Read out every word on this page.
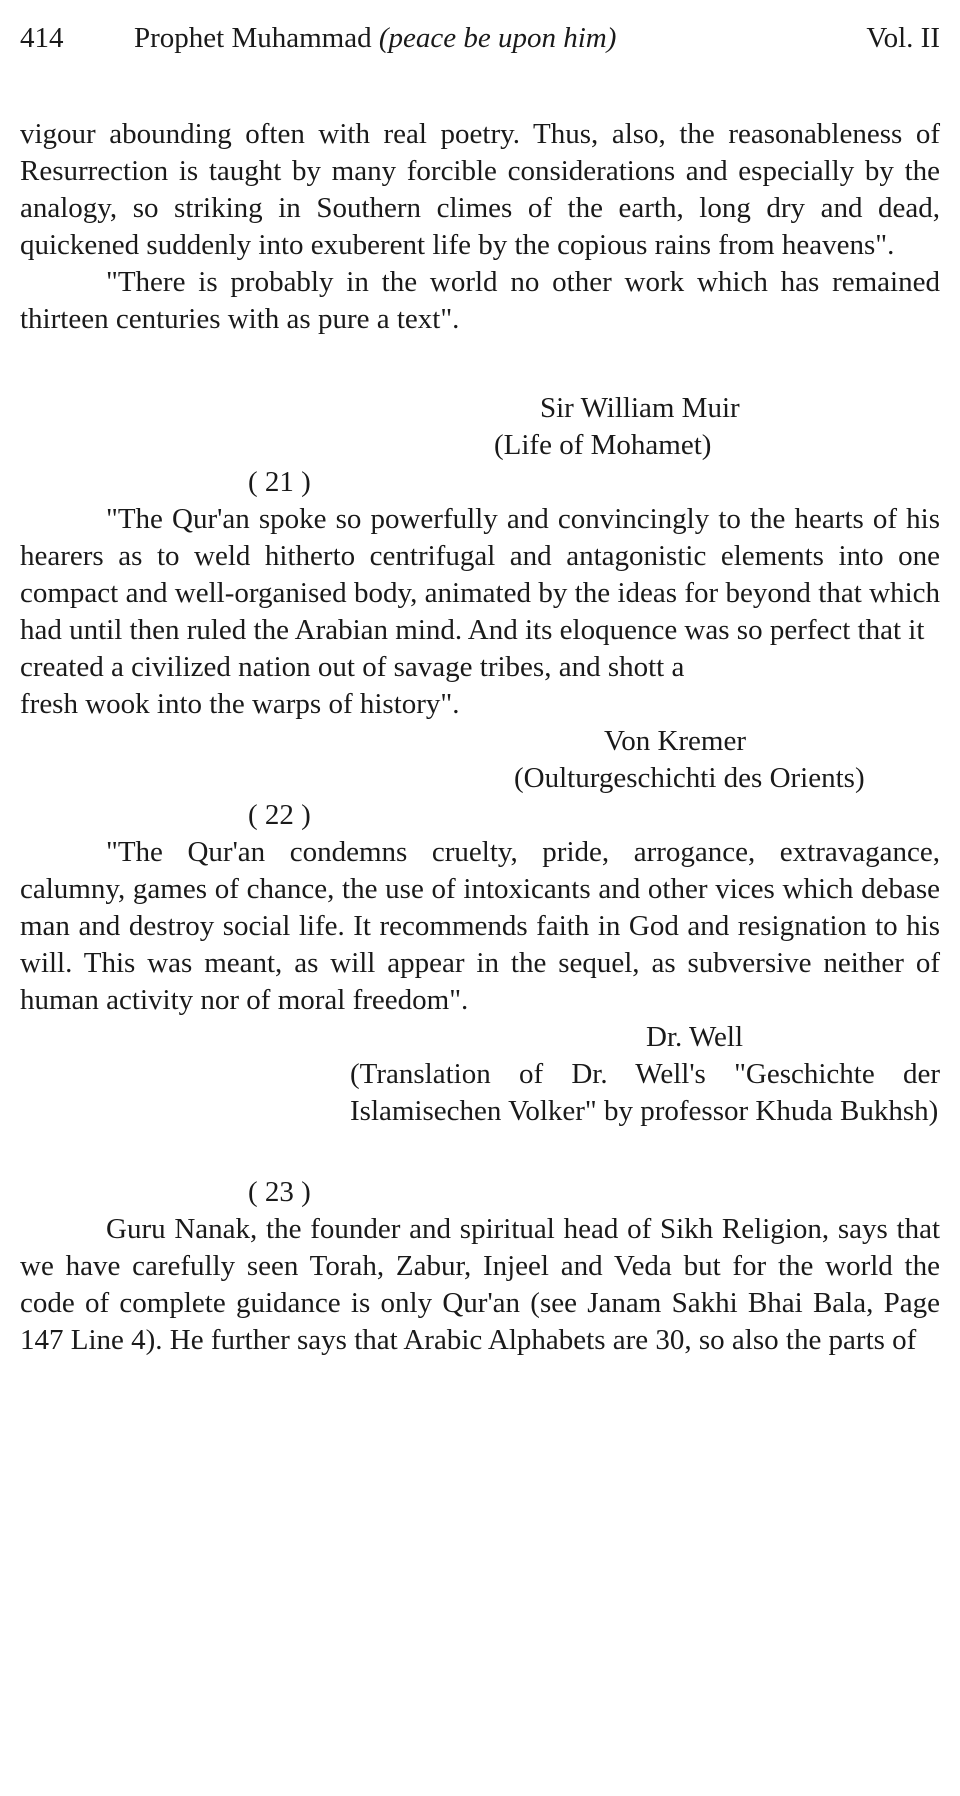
414 Prophet Muhammad (peace be upon him)	Vol. II

vigour abounding often with real poetry. Thus, also, the reasonableness of Resurrection is taught by many forcible considerations and especially by the analogy, so striking in Southern climes of the earth, long dry and dead, quickened suddenly into exuberent life by the copious rains from heavens".

"There is probably in the world no other work which has remained thirteen centuries with as pure a text".

Sir William Muir

(Life of Mohamet)

( 21 )

"The Qur'an spoke so powerfully and convincingly to the hearts of his hearers as to weld hitherto centrifugal and antagonistic elements into one compact and well-organised body, animated by the ideas for beyond that which had until then ruled the Arabian mind. And its eloquence was so perfect that it

created a civilized nation out of savage tribes, and shott a

fresh wook into the warps of history".

Von Kremer

(Oulturgeschichti des Orients)

( 22 )

"The Qur'an condemns cruelty, pride, arrogance, extravagance, calumny, games of chance, the use of intoxicants and other vices which debase man and destroy social life. It recommends faith in God and resignation to his will. This was meant, as will appear in the sequel, as subversive neither of human activity nor of moral freedom".

Dr. Well

(Translation of Dr. Well's "Geschichte der Islamisechen Volker" by professor Khuda Bukhsh)

( 23 )

Guru Nanak, the founder and spiritual head of Sikh Religion, says that we have carefully seen Torah, Zabur, Injeel and Veda but for the world the code of complete guidance is only Qur'an (see Janam Sakhi Bhai Bala, Page 147 Line 4). He further says that Arabic Alphabets are 30, so also the parts of
